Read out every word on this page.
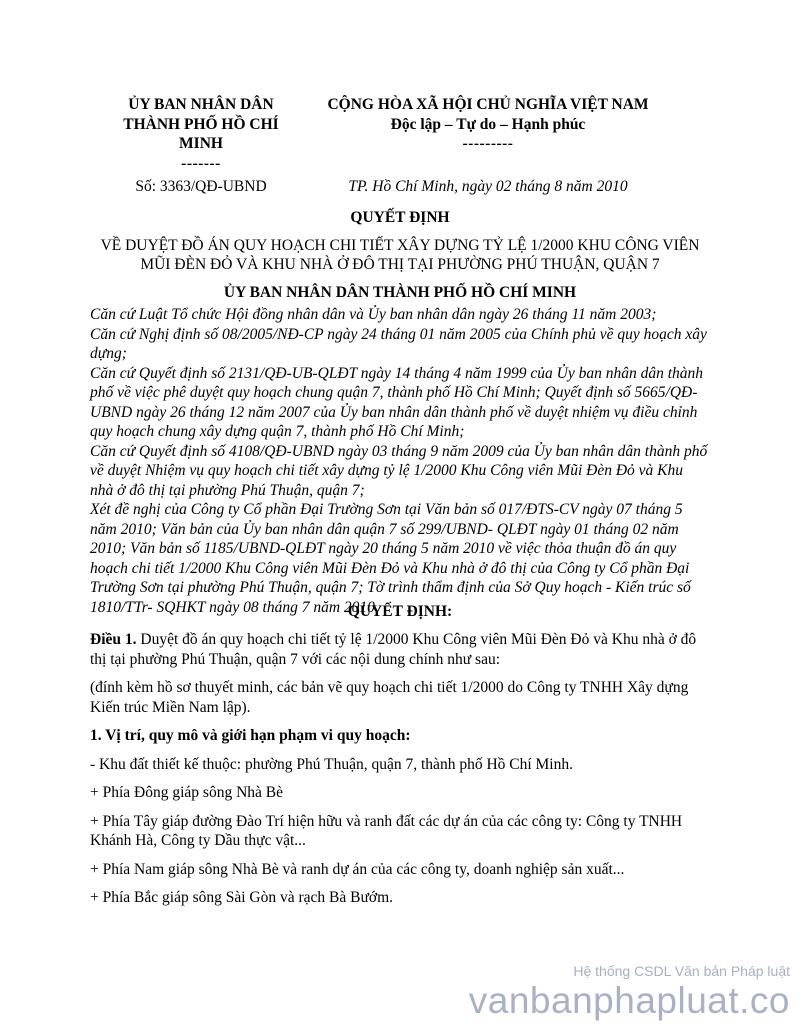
ỦY BAN NHÂN DÂN
THÀNH PHỐ HỒ CHÍ
MINH
-------
Số: 3363/QĐ-UBND
CỘNG HÒA XÃ HỘI CHỦ NGHĨA VIỆT NAM
Độc lập – Tự do – Hạnh phúc
---------
TP. Hồ Chí Minh, ngày 02 tháng 8 năm 2010
QUYẾT ĐỊNH
VỀ DUYỆT ĐỒ ÁN QUY HOẠCH CHI TIẾT XÂY DỰNG TỶ LỆ 1/2000 KHU CÔNG VIÊN
MŨI ĐÈN ĐỎ VÀ KHU NHÀ Ở ĐÔ THỊ TẠI PHƯỜNG PHÚ THUẬN, QUẬN 7
ỦY BAN NHÂN DÂN THÀNH PHỐ HỒ CHÍ MINH

Căn cứ Luật Tổ chức Hội đồng nhân dân và Ủy ban nhân dân ngày 26 tháng 11 năm 2003;

Căn cứ Nghị định số 08/2005/NĐ-CP ngày 24 tháng 01 năm 2005 của Chính phủ về quy hoạch xây dựng;

Căn cứ Quyết định số 2131/QĐ-UB-QLĐT ngày 14 tháng 4 năm 1999 của Ủy ban nhân dân thành phố về việc phê duyệt quy hoạch chung quận 7, thành phố Hồ Chí Minh; Quyết định số 5665/QĐ-UBND ngày 26 tháng 12 năm 2007 của Ủy ban nhân dân thành phố về duyệt nhiệm vụ điều chỉnh quy hoạch chung xây dựng quận 7, thành phố Hồ Chí Minh;

Căn cứ Quyết định số 4108/QĐ-UBND ngày 03 tháng 9 năm 2009 của Ủy ban nhân dân thành phố về duyệt Nhiệm vụ quy hoạch chi tiết xây dựng tỷ lệ 1/2000 Khu Công viên Mũi Đèn Đỏ và Khu nhà ở đô thị tại phường Phú Thuận, quận 7;

Xét đề nghị của Công ty Cổ phần Đại Trường Sơn tại Văn bản số 017/ĐTS-CV ngày 07 tháng 5 năm 2010; Văn bản của Ủy ban nhân dân quận 7 số 299/UBND- QLĐT ngày 01 tháng 02 năm 2010; Văn bản số 1185/UBND-QLĐT ngày 20 tháng 5 năm 2010 về việc thỏa thuận đồ án quy hoạch chi tiết 1/2000 Khu Công viên Mũi Đèn Đỏ và Khu nhà ở đô thị của Công ty Cổ phần Đại Trường Sơn tại phường Phú Thuận, quận 7; Tờ trình thẩm định của Sở Quy hoạch - Kiến trúc số 1810/TTr- SQHKT ngày 08 tháng 7 năm 2010,

QUYẾT ĐỊNH:

Điều 1. Duyệt đồ án quy hoạch chi tiết tỷ lệ 1/2000 Khu Công viên Mũi Đèn Đỏ và Khu nhà ở đô thị tại phường Phú Thuận, quận 7 với các nội dung chính như sau:

(đính kèm hồ sơ thuyết minh, các bản vẽ quy hoạch chi tiết 1/2000 do Công ty TNHH Xây dựng Kiến trúc Miền Nam lập).

1. Vị trí, quy mô và giới hạn phạm vi quy hoạch:

- Khu đất thiết kế thuộc: phường Phú Thuận, quận 7, thành phố Hồ Chí Minh.

+ Phía Đông giáp sông Nhà Bè

+ Phía Tây giáp đường Đào Trí hiện hữu và ranh đất các dự án của các công ty: Công ty TNHH Khánh Hà, Công ty Dầu thực vật...

+ Phía Nam giáp sông Nhà Bè và ranh dự án của các công ty, doanh nghiệp sản xuất...

+ Phía Bắc giáp sông Sài Gòn và rạch Bà Bướm.

Hệ thống CSDL Văn bản Pháp luật
vanbanphapluat.co
